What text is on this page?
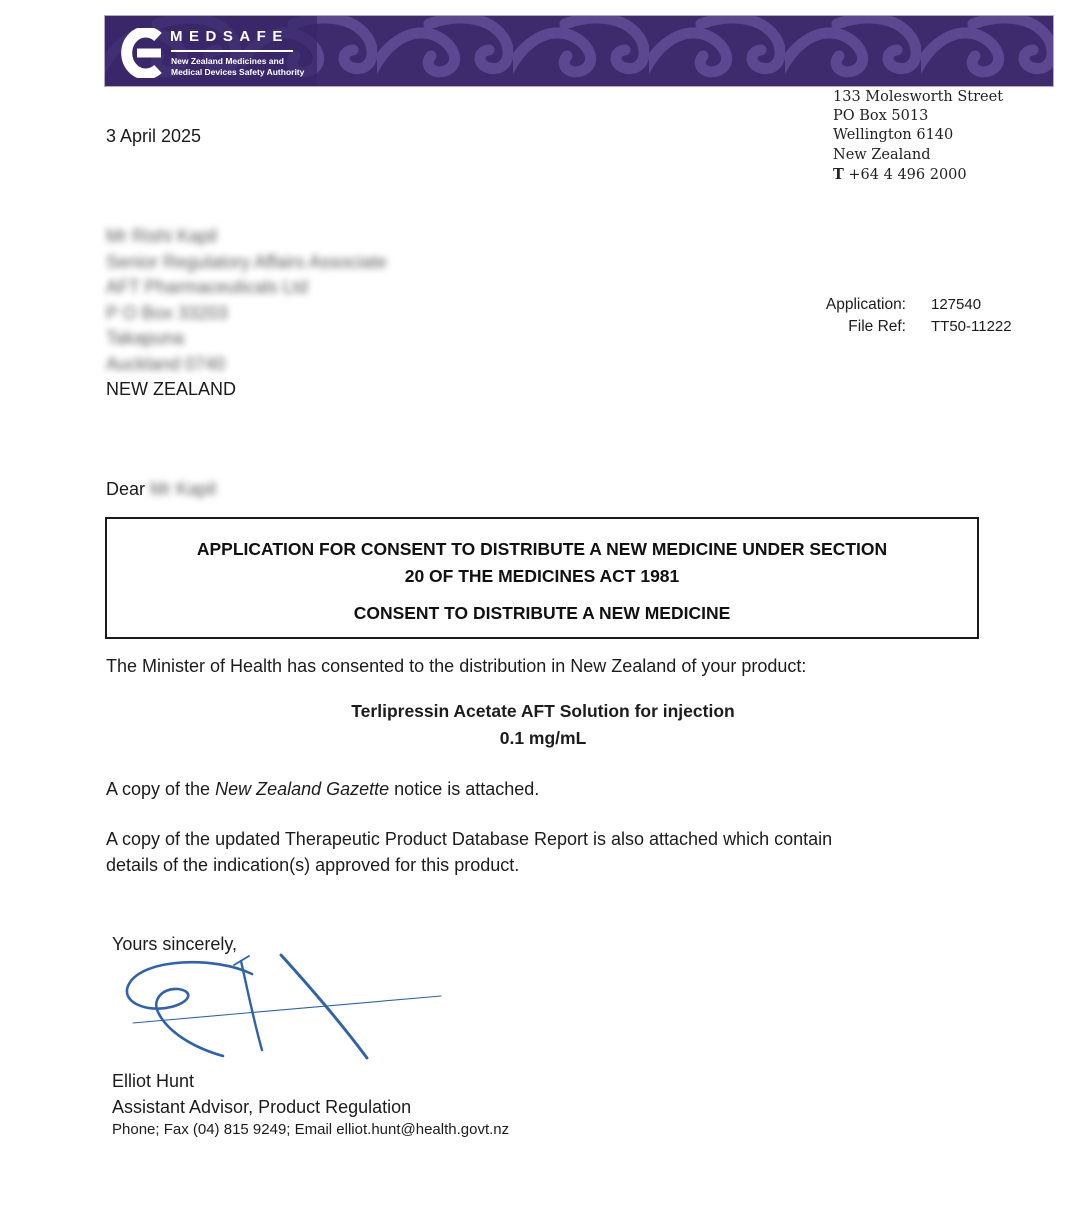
MEDSAFE
New Zealand Medicines and
Medical Devices Safety Authority
133 Molesworth Street
PO Box 5013
Wellington 6140
New Zealand
T +64 4 496 2000
3 April 2025
Mr Rishi Kapil
Senior Regulatory Affairs Associate
AFT Pharmaceuticals Ltd
P O Box 33203
Takapuna
Auckland 0740
NEW ZEALAND
Application: 127540
File Ref: TT50-11222
Dear Mr Kapil
APPLICATION FOR CONSENT TO DISTRIBUTE A NEW MEDICINE UNDER SECTION
20 OF THE MEDICINES ACT 1981
CONSENT TO DISTRIBUTE A NEW MEDICINE
The Minister of Health has consented to the distribution in New Zealand of your product:
Terlipressin Acetate AFT Solution for injection
0.1 mg/mL
A copy of the New Zealand Gazette notice is attached.
A copy of the updated Therapeutic Product Database Report is also attached which contain
details of the indication(s) approved for this product.
Yours sincerely,
Elliot Hunt
Assistant Advisor, Product Regulation
Phone; Fax (04) 815 9249; Email elliot.hunt@health.govt.nz
